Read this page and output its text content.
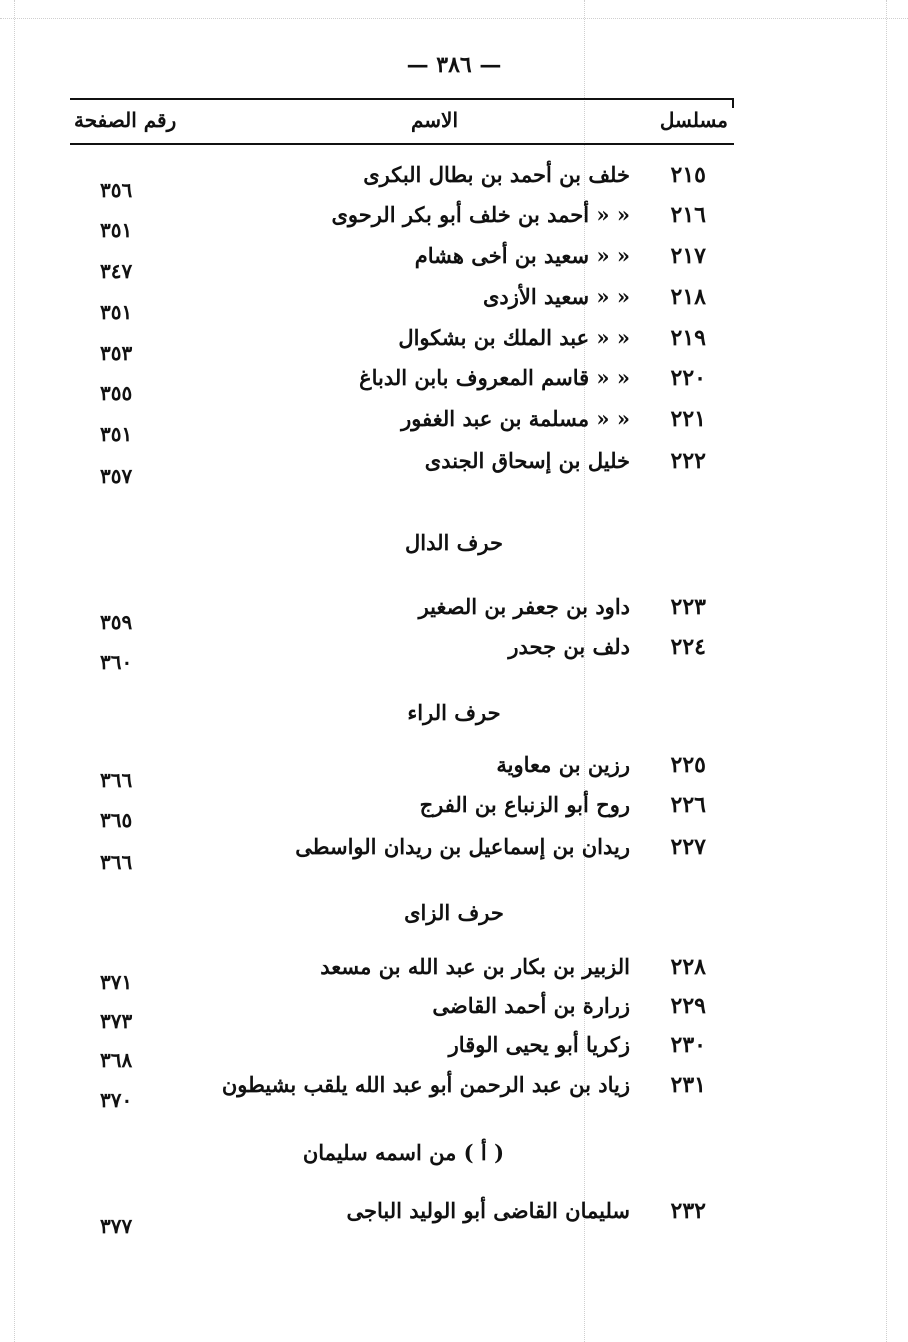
— ٣٨٦ —
مسلسل
الاسم
رقم الصفحة
٢١٥
خلف بن أحمد بن بطال البكرى
٣٥٦
٢١٦
« « أحمد بن خلف أبو بكر الرحوى
٣٥١
٢١٧
« « سعيد بن أخى هشام
٣٤٧
٢١٨
« « سعيد الأزدى
٣٥١
٢١٩
« « عبد الملك بن بشكوال
٣٥٣
٢٢٠
« « قاسم المعروف بابن الدباغ
٣٥٥
٢٢١
« « مسلمة بن عبد الغفور
٣٥١
٢٢٢
خليل بن إسحاق الجندى
٣٥٧
حرف الدال
٢٢٣
داود بن جعفر بن الصغير
٣٥٩
٢٢٤
دلف بن جحدر
٣٦٠
حرف الراء
٢٢٥
رزين بن معاوية
٣٦٦
٢٢٦
روح أبو الزنباع بن الفرج
٣٦٥
٢٢٧
ريدان بن إسماعيل بن ريدان الواسطى
٣٦٦
حرف الزاى
٢٢٨
الزبير بن بكار بن عبد الله بن مسعد
٣٧١
٢٢٩
زرارة بن أحمد القاضى
٣٧٣
٢٣٠
زكريا أبو يحيى الوقار
٣٦٨
٢٣١
زياد بن عبد الرحمن أبو عبد الله يلقب بشيطون
٣٧٠
( أ ) من اسمه سليمان
٢٣٢
سليمان القاضى أبو الوليد الباجى
٣٧٧
